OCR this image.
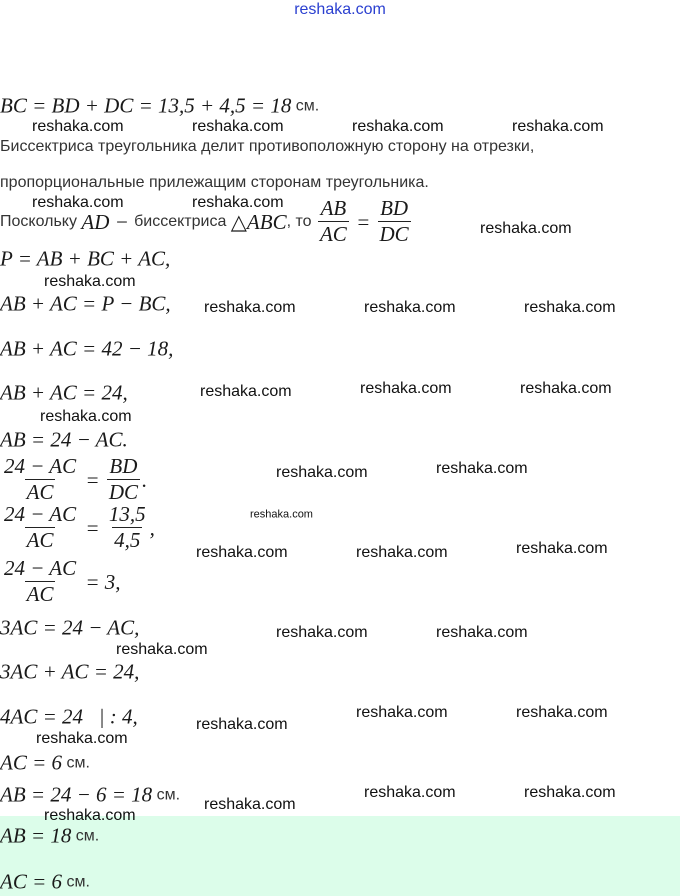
reshaka.com
BC = BD + DC = 13,5 + 4,5 = 18 см.
Биссектриса треугольника делит противоположную сторону на отрезки,
пропорциональные прилежащим сторонам треугольника.
Поскольку AD − биссектриса △ABC , то $\frac{AB}{AC} = \frac{BD}{DC}$
P = AB + BC + AC,
AB + AC = P − BC,
AB + AC = 42 − 18,
AB + AC = 24,
AB = 24 − AC.
$\frac{24 - AC}{AC} = \frac{BD}{DC}$ .
$\frac{24 - AC}{AC} = \frac{13,5}{4,5}$ ,
$\frac{24 - AC}{AC} = 3$,
3AC = 24 − AC,
3AC + AC = 24,
4AC = 24   | : 4,
AC = 6 см.
AB = 24 − 6 = 18 см.
AB = 18 см.
AC = 6 см.
reshaka.com	reshaka.com	reshaka.com	reshaka.com
reshaka.com	reshaka.com
reshaka.com
reshaka.com
reshaka.com	reshaka.com	reshaka.com
reshaka.com	reshaka.com	reshaka.com
reshaka.com
reshaka.com	reshaka.com
reshaka.com
reshaka.com	reshaka.com	reshaka.com
reshaka.com	reshaka.com
reshaka.com
reshaka.com
reshaka.com	reshaka.com
reshaka.com
reshaka.com
reshaka.com	reshaka.com
reshaka.com
